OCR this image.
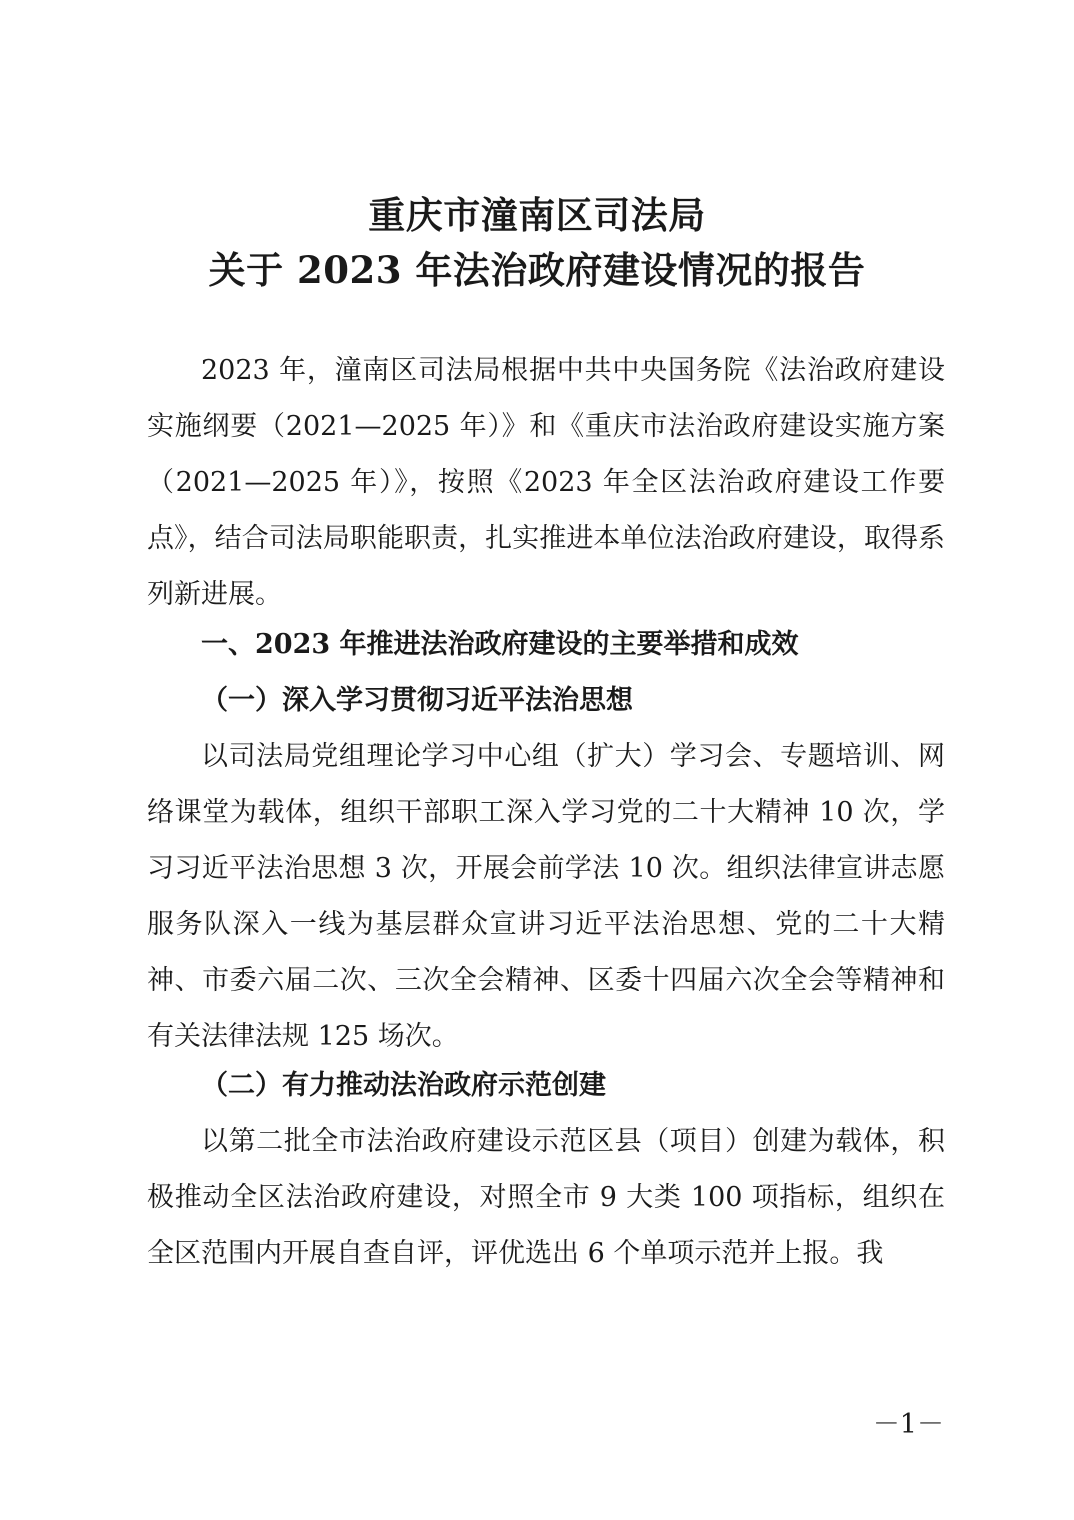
重庆市潼南区司法局
关于 2023 年法治政府建设情况的报告
2023 年，潼南区司法局根据中共中央国务院《法治政府建设实施纲要（2021—2025 年）》和《重庆市法治政府建设实施方案（2021—2025 年）》，按照《2023 年全区法治政府建设工作要点》，结合司法局职能职责，扎实推进本单位法治政府建设，取得系列新进展。
一、2023 年推进法治政府建设的主要举措和成效
（一）深入学习贯彻习近平法治思想
以司法局党组理论学习中心组（扩大）学习会、专题培训、网络课堂为载体，组织干部职工深入学习党的二十大精神 10 次，学习习近平法治思想 3 次，开展会前学法 10 次。组织法律宣讲志愿服务队深入一线为基层群众宣讲习近平法治思想、党的二十大精神、市委六届二次、三次全会精神、区委十四届六次全会等精神和有关法律法规 125 场次。
（二）有力推动法治政府示范创建
以第二批全市法治政府建设示范区县（项目）创建为载体，积极推动全区法治政府建设，对照全市 9 大类 100 项指标，组织在全区范围内开展自查自评，评优选出 6 个单项示范并上报。我
－1－
